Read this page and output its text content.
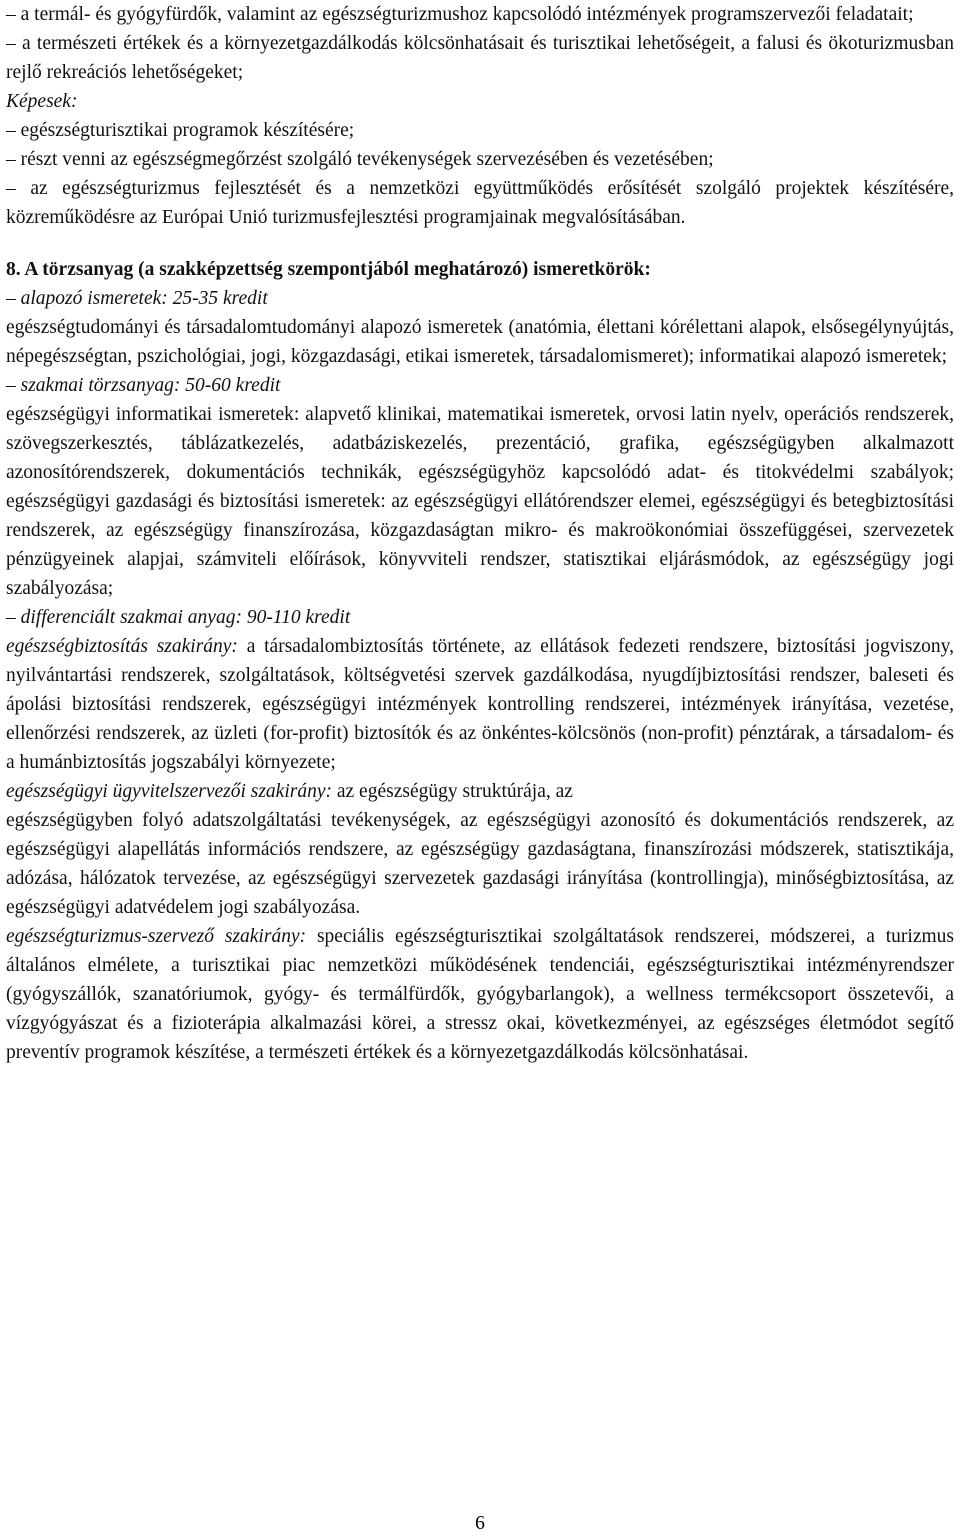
– a termál- és gyógyfürdők, valamint az egészségturizmushoz kapcsolódó intézmények programszervezői feladatait;

– a természeti értékek és a környezetgazdálkodás kölcsönhatásait és turisztikai lehetőségeit, a falusi és ökoturizmusban rejlő rekreációs lehetőségeket;

Képesek:

– egészségturisztikai programok készítésére;

– részt venni az egészségmegőrzést szolgáló tevékenységek szervezésében és vezetésében;

– az egészségturizmus fejlesztését és a nemzetközi együttműködés erősítését szolgáló projektek készítésére, közreműködésre az Európai Unió turizmusfejlesztési programjainak megvalósításában.

8. A törzsanyag (a szakképzettség szempontjából meghatározó) ismeretkörök:

– alapozó ismeretek: 25-35 kredit

egészségtudományi és társadalomtudományi alapozó ismeretek (anatómia, élettani kórélettani alapok, elsősegélynyújtás, népegészségtan, pszichológiai, jogi, közgazdasági, etikai ismeretek, társadalomismeret); informatikai alapozó ismeretek;

– szakmai törzsanyag: 50-60 kredit

egészségügyi informatikai ismeretek: alapvető klinikai, matematikai ismeretek, orvosi latin nyelv, operációs rendszerek, szövegszerkesztés, táblázatkezelés, adatbáziskezelés, prezentáció, grafika, egészségügyben alkalmazott azonosítórendszerek, dokumentációs technikák, egészségügyhöz kapcsolódó adat- és titokvédelmi szabályok; egészségügyi gazdasági és biztosítási ismeretek: az egészségügyi ellátórendszer elemei, egészségügyi és betegbiztosítási rendszerek, az egészségügy finanszírozása, közgazdaságtan mikro- és makroökonómiai összefüggései, szervezetek pénzügyeinek alapjai, számviteli előírások, könyvviteli rendszer, statisztikai eljárásmódok, az egészségügy jogi szabályozása;

– differenciált szakmai anyag: 90-110 kredit

egészségbiztosítás szakirány: a társadalombiztosítás története, az ellátások fedezeti rendszere, biztosítási jogviszony, nyilvántartási rendszerek, szolgáltatások, költségvetési szervek gazdálkodása, nyugdíjbiztosítási rendszer, baleseti és ápolási biztosítási rendszerek, egészségügyi intézmények kontrolling rendszerei, intézmények irányítása, vezetése, ellenőrzési rendszerek, az üzleti (for-profit) biztosítók és az önkéntes-kölcsönös (non-profit) pénztárak, a társadalom- és a humánbiztosítás jogszabályi környezete;

egészségügyi ügyvitelszervezői szakirány: az egészségügy struktúrája, az

egészségügyben folyó adatszolgáltatási tevékenységek, az egészségügyi azonosító és dokumentációs rendszerek, az egészségügyi alapellátás információs rendszere, az egészségügy gazdaságtana, finanszírozási módszerek, statisztikája, adózása, hálózatok tervezése, az egészségügyi szervezetek gazdasági irányítása (kontrollingja), minőségbiztosítása, az egészségügyi adatvédelem jogi szabályozása.

egészségturizmus-szervező szakirány: speciális egészségturisztikai szolgáltatások rendszerei, módszerei, a turizmus általános elmélete, a turisztikai piac nemzetközi működésének tendenciái, egészségturisztikai intézményrendszer (gyógyszállók, szanatóriumok, gyógy- és termálfürdők, gyógybarlangok), a wellness termékcsoport összetevői, a vízgyógyászat és a fizioterápia alkalmazási körei, a stressz okai, következményei, az egészséges életmódot segítő preventív programok készítése, a természeti értékek és a környezetgazdálkodás kölcsönhatásai.

6
